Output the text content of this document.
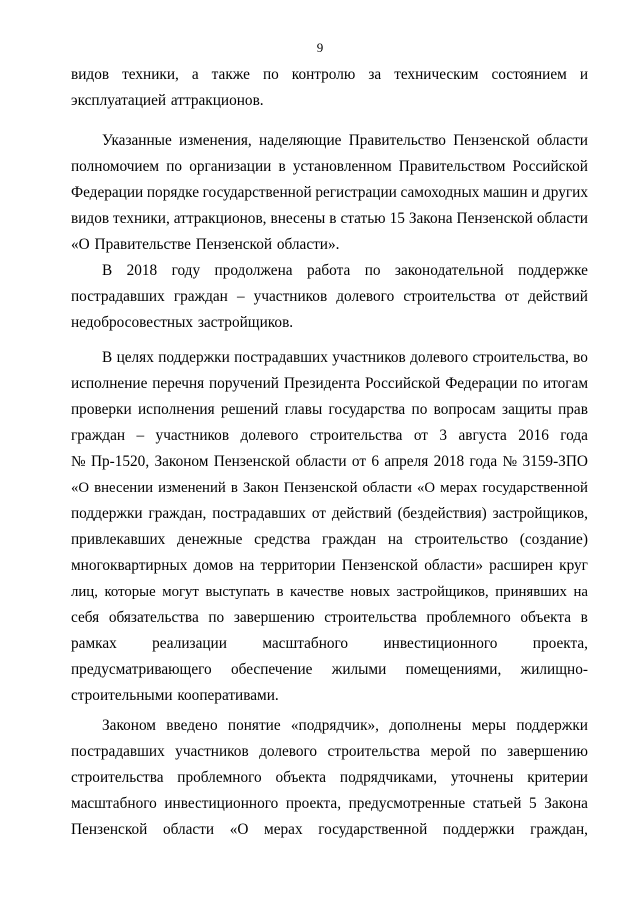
9
видов техники, а также по контролю за техническим состоянием и
эксплуатацией аттракционов.
Указанные изменения, наделяющие Правительство Пензенской области
полномочием по организации в установленном Правительством Российской
Федерации порядке государственной регистрации самоходных машин и других
видов техники, аттракционов, внесены в статью 15 Закона Пензенской области
«О Правительстве Пензенской области».
В 2018 году продолжена работа по законодательной поддержке
пострадавших граждан – участников долевого строительства от действий
недобросовестных застройщиков.
В целях поддержки пострадавших участников долевого строительства, во
исполнение перечня поручений Президента Российской Федерации по итогам
проверки исполнения решений главы государства по вопросам защиты прав
граждан – участников долевого строительства от 3 августа 2016 года
№ Пр-1520, Законом Пензенской области от 6 апреля 2018 года № 3159-ЗПО
«О внесении изменений в Закон Пензенской области «О мерах государственной
поддержки граждан, пострадавших от действий (бездействия) застройщиков,
привлекавших денежные средства граждан на строительство (создание)
многоквартирных домов на территории Пензенской области» расширен круг
лиц, которые могут выступать в качестве новых застройщиков, принявших на
себя обязательства по завершению строительства проблемного объекта в
рамках реализации масштабного инвестиционного проекта,
предусматривающего обеспечение жилыми помещениями, жилищно-
строительными кооперативами.
Законом введено понятие «подрядчик», дополнены меры поддержки
пострадавших участников долевого строительства мерой по завершению
строительства проблемного объекта подрядчиками, уточнены критерии
масштабного инвестиционного проекта, предусмотренные статьей 5 Закона
Пензенской области «О мерах государственной поддержки граждан,
